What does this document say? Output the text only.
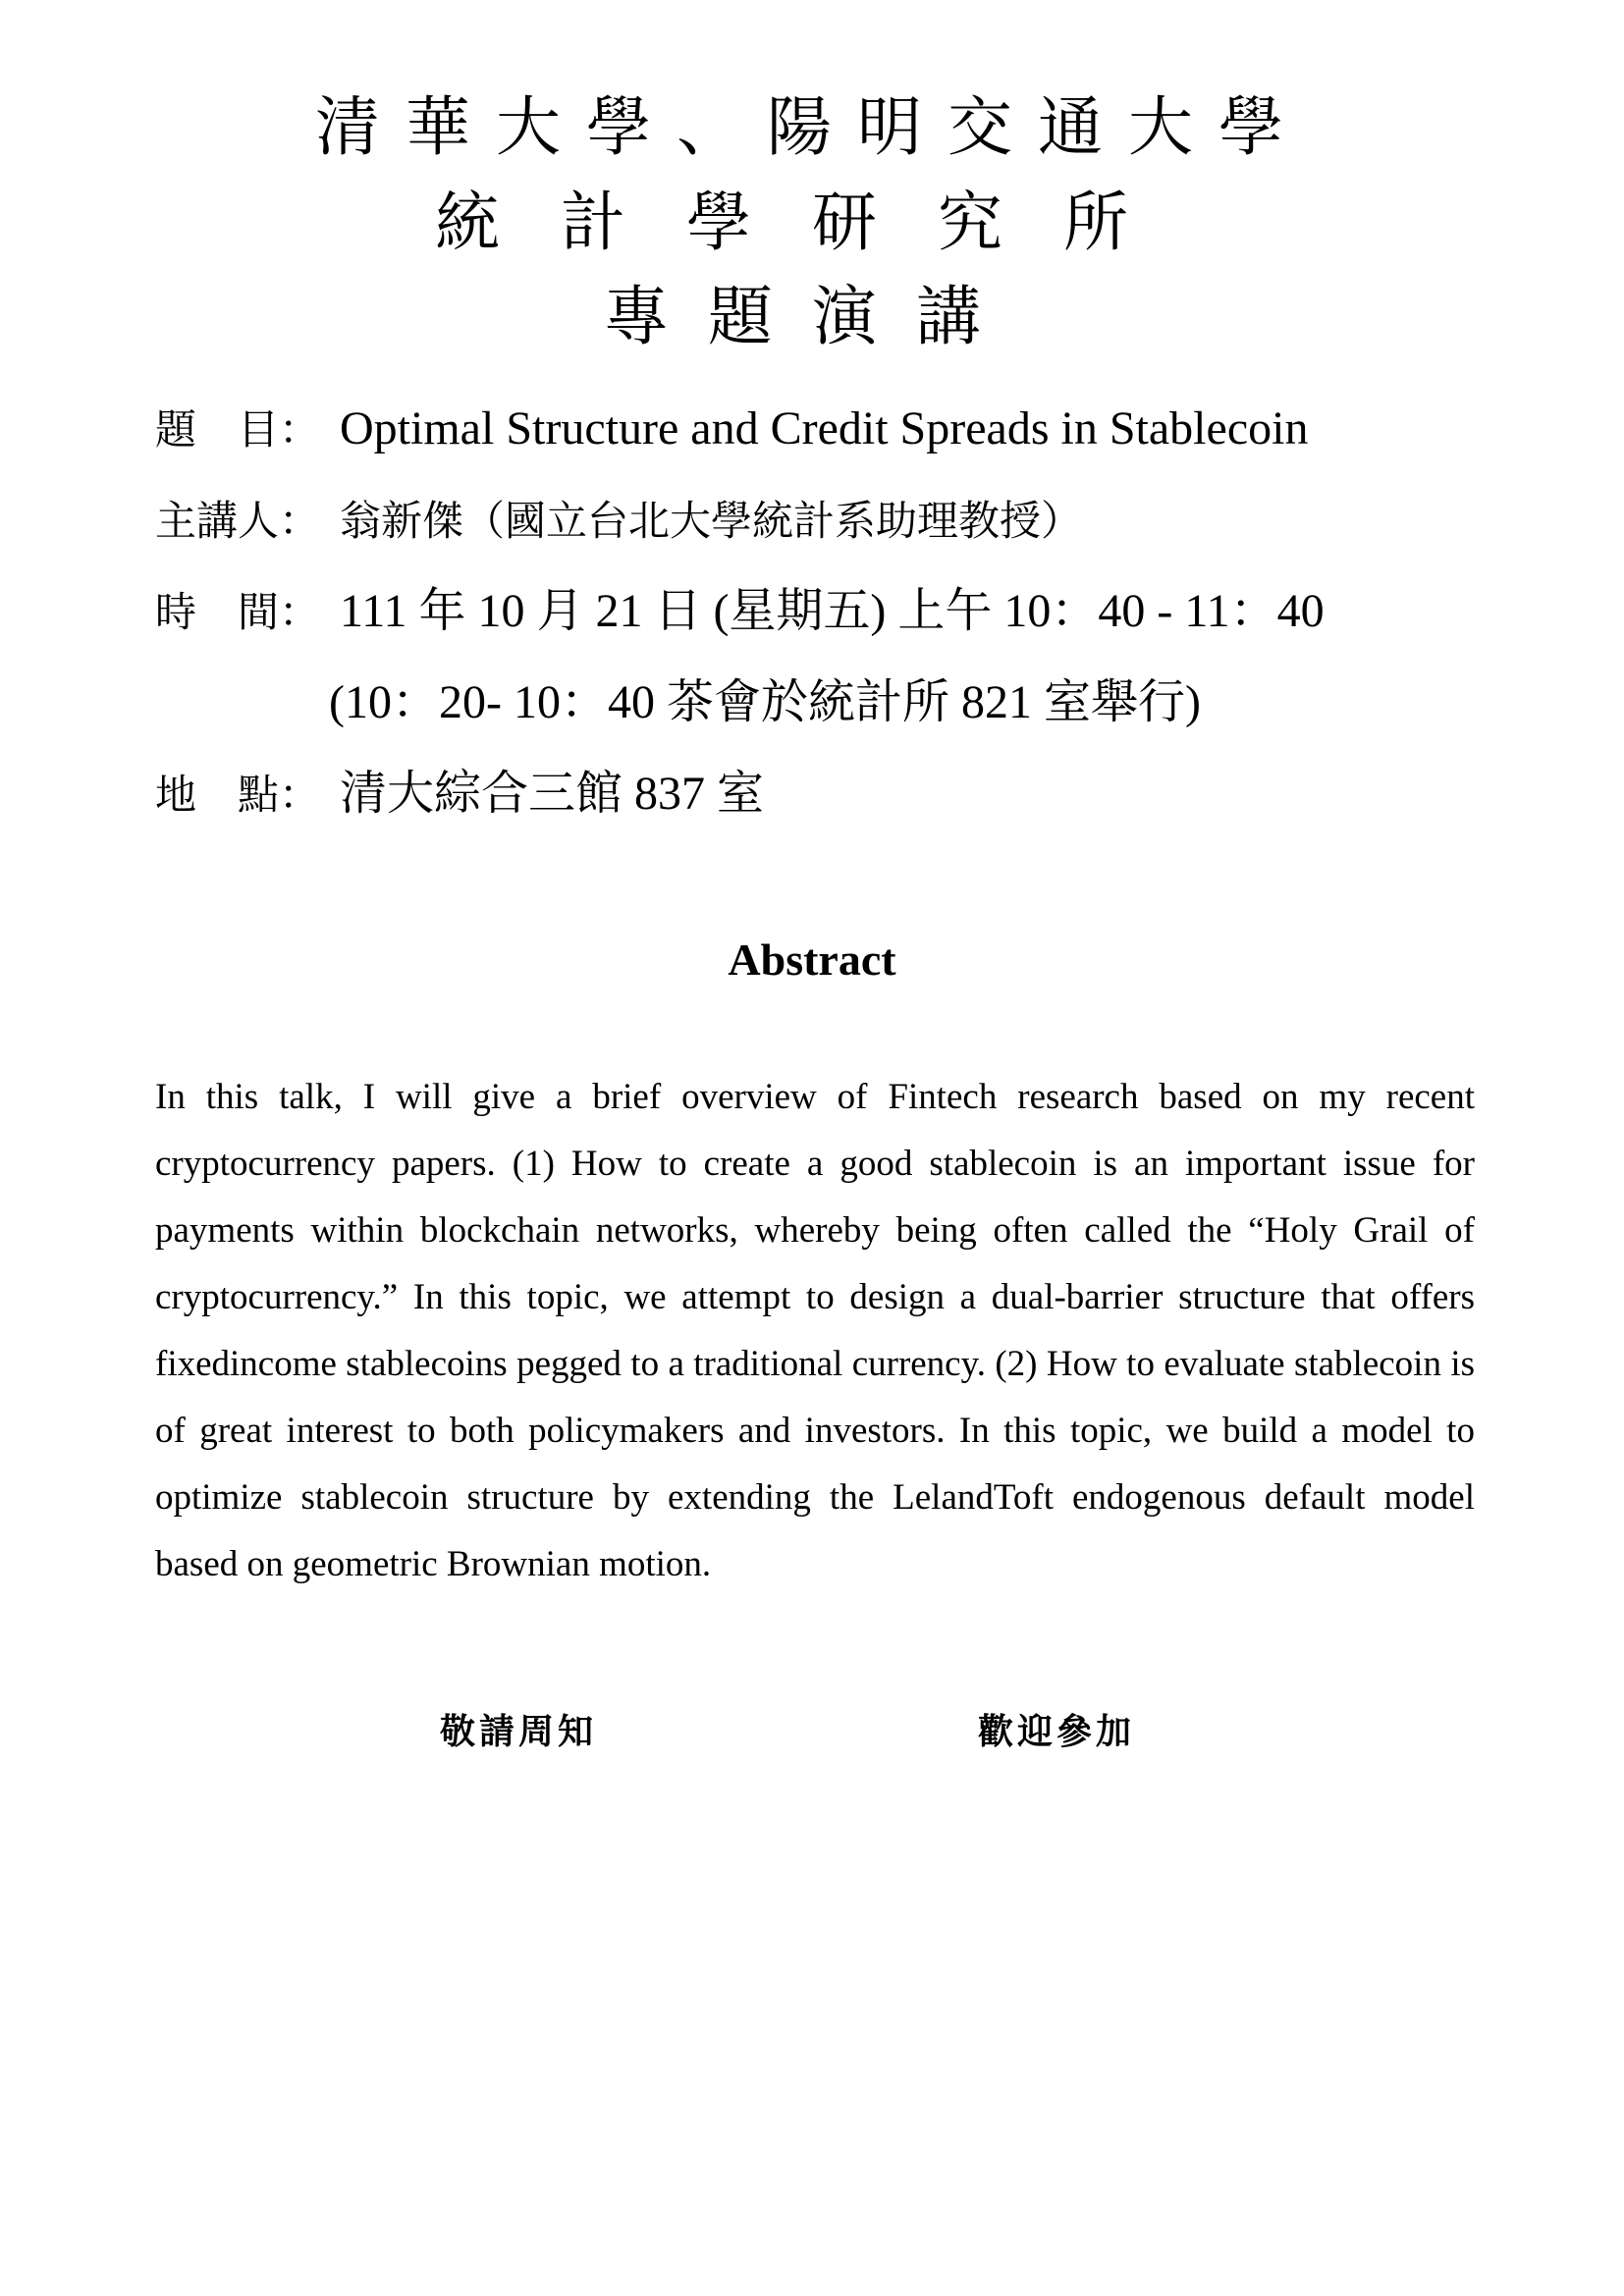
清華大學、陽明交通大學
統計學研究所
專題演講
題　目： Optimal Structure and Credit Spreads in Stablecoin
主講人： 翁新傑（國立台北大學統計系助理教授）
時　間： 111 年 10 月 21 日 (星期五) 上午 10：40 - 11：40
(10：20- 10：40 茶會於統計所 821 室舉行)
地　點： 清大綜合三館 837 室
Abstract
In this talk, I will give a brief overview of Fintech research based on my recent cryptocurrency papers. (1) How to create a good stablecoin is an important issue for payments within blockchain networks, whereby being often called the “Holy Grail of cryptocurrency.” In this topic, we attempt to design a dual-barrier structure that offers fixedincome stablecoins pegged to a traditional currency. (2) How to evaluate stablecoin is of great interest to both policymakers and investors. In this topic, we build a model to optimize stablecoin structure by extending the LelandToft endogenous default model based on geometric Brownian motion.
敬請周知	歡迎參加
